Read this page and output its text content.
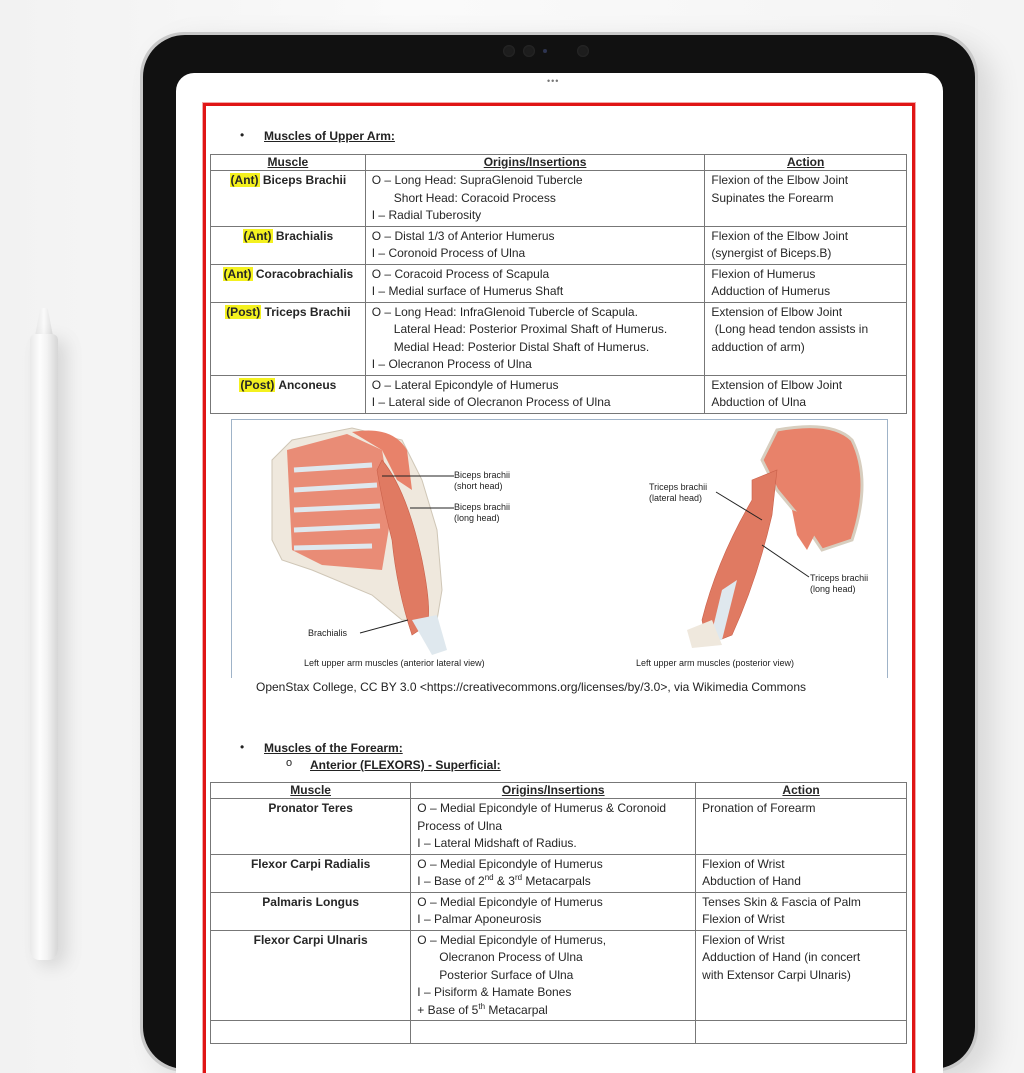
•••
• Muscles of Upper Arm:
Muscle	Origins/Insertions	Action
(Ant) Biceps Brachii	O – Long Head: SupraGlenoid Tubercle
Short Head: Coracoid Process
I – Radial Tuberosity	Flexion of the Elbow Joint
Supinates the Forearm

(Ant) Brachialis	O – Distal 1/3 of Anterior Humerus
I – Coronoid Process of Ulna	Flexion of the Elbow Joint
(synergist of Biceps.B)

(Ant) Coracobrachialis	O – Coracoid Process of Scapula
I – Medial surface of Humerus Shaft	Flexion of Humerus
Adduction of Humerus

(Post) Triceps Brachii	O – Long Head: InfraGlenoid Tubercle of Scapula.
Lateral Head: Posterior Proximal Shaft of Humerus.
Medial Head: Posterior Distal Shaft of Humerus.
I – Olecranon Process of Ulna	Extension of Elbow Joint
(Long head tendon assists in
adduction of arm)

(Post) Anconeus	O – Lateral Epicondyle of Humerus
I – Lateral side of Olecranon Process of Ulna	Extension of Elbow Joint
Abduction of Ulna
Biceps brachii
(short head)
Biceps brachii
(long head)
Brachialis
Triceps brachii
(lateral head)
Triceps brachii
(long head)
Left upper arm muscles (anterior lateral view)	Left upper arm muscles (posterior view)
OpenStax College, CC BY 3.0 <https://creativecommons.org/licenses/by/3.0>, via Wikimedia Commons
• Muscles of the Forearm:
o Anterior (FLEXORS) - Superficial:
Muscle	Origins/Insertions	Action
Pronator Teres	O – Medial Epicondyle of Humerus & Coronoid
Process of Ulna
I – Lateral Midshaft of Radius.	Pronation of Forearm

Flexor Carpi Radialis	O – Medial Epicondyle of Humerus
I – Base of 2nd & 3rd Metacarpals	Flexion of Wrist
Abduction of Hand

Palmaris Longus	O – Medial Epicondyle of Humerus
I – Palmar Aponeurosis	Tenses Skin & Fascia of Palm
Flexion of Wrist

Flexor Carpi Ulnaris	O – Medial Epicondyle of Humerus,
Olecranon Process of Ulna
Posterior Surface of Ulna
I – Pisiform & Hamate Bones
+ Base of 5th Metacarpal	Flexion of Wrist
Adduction of Hand (in concert
with Extensor Carpi Ulnaris)
